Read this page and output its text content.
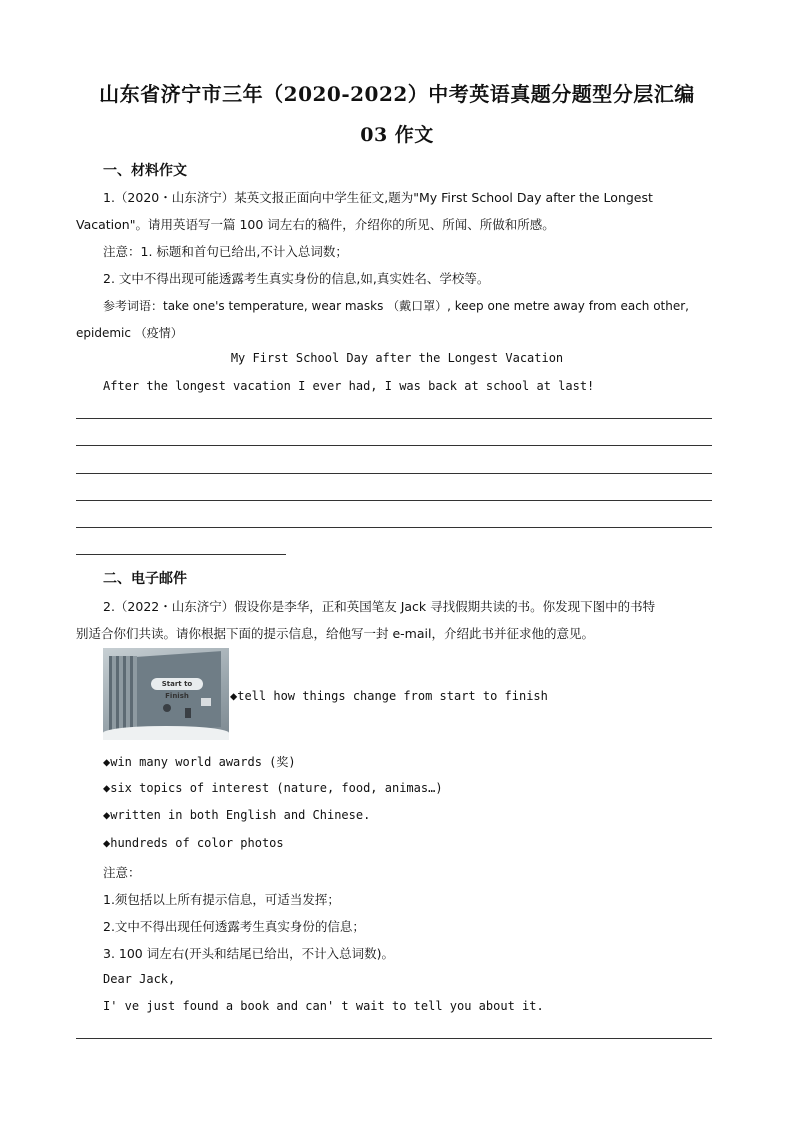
山东省济宁市三年（2020-2022）中考英语真题分题型分层汇编
03 作文
一、材料作文
1.（2020・山东济宁）某英文报正面向中学生征文,题为"My First School Day after the Longest
Vacation"。请用英语写一篇 100 词左右的稿件，介绍你的所见、所闻、所做和所感。
注意：1. 标题和首句已给出,不计入总词数；
2. 文中不得出现可能透露考生真实身份的信息,如,真实姓名、学校等。
参考词语：take one's temperature, wear masks （戴口罩）, keep one metre away from each other,
epidemic （疫情）
My First School Day after the Longest Vacation
After the longest vacation I ever had, I was back at school at last!
二、电子邮件
2.（2022・山东济宁）假设你是李华，正和英国笔友 Jack 寻找假期共读的书。你发现下图中的书特
别适合你们共读。请你根据下面的提示信息，给他写一封 e-mail，介绍此书并征求他的意见。
Start to Finish	◆tell how things change from start to finish
◆win many world awards (奖)
◆six topics of interest (nature, food, animas…)
◆written in both English and Chinese.
◆hundreds of color photos
注意：
1.须包括以上所有提示信息，可适当发挥；
2.文中不得出现任何透露考生真实身份的信息；
3. 100 词左右(开头和结尾已给出，不计入总词数)。
Dear Jack,
I' ve just found a book and can' t wait to tell you about it.
